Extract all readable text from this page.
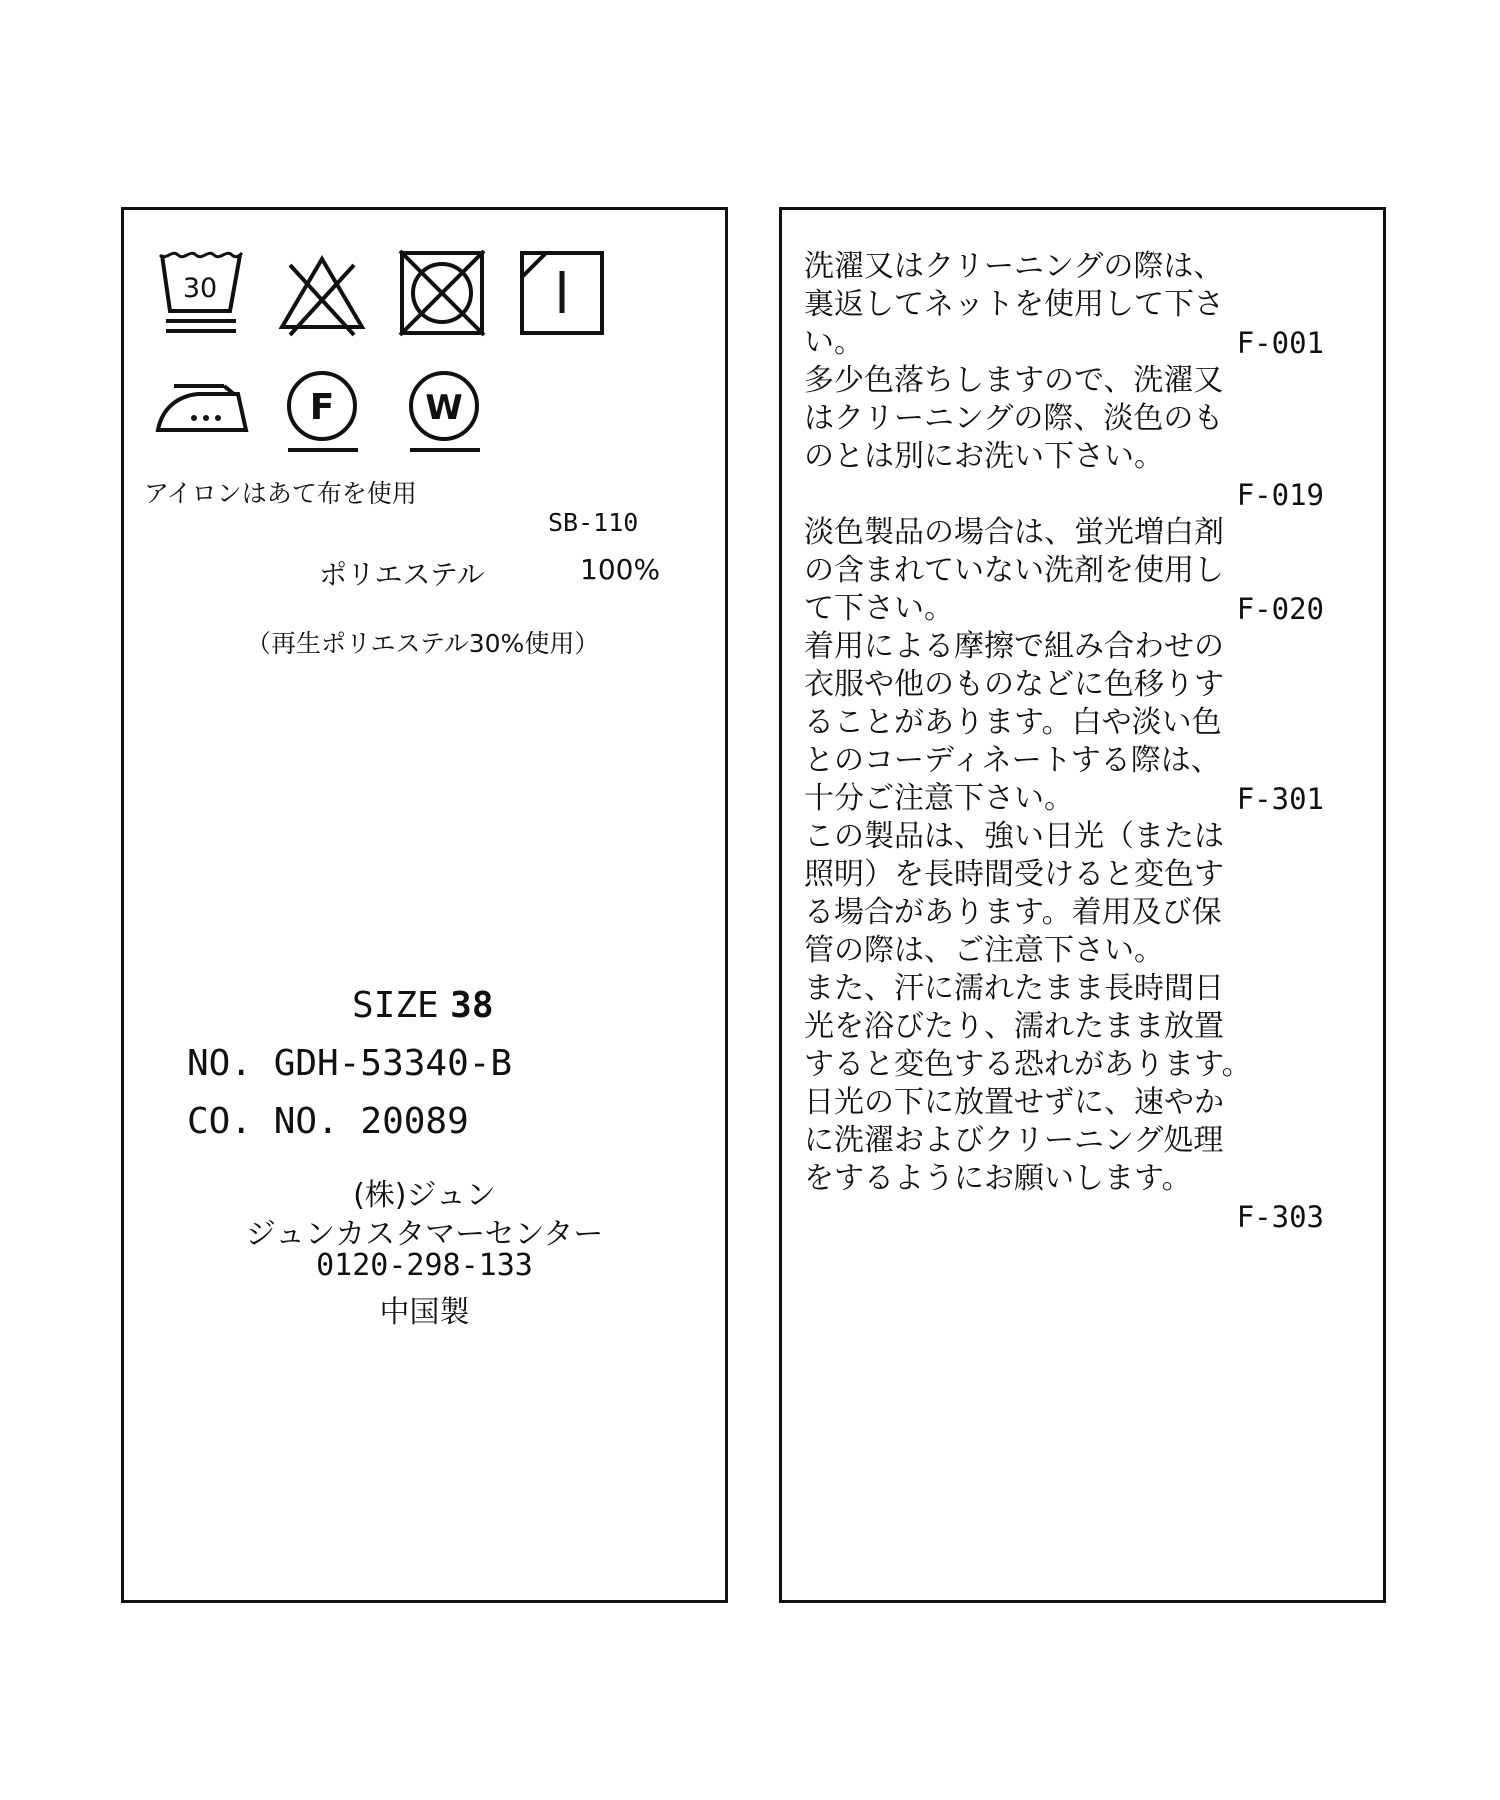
30
F	W
アイロンはあて布を使用
SB-110
ポリエステル	100%
（再生ポリエステル30%使用）
SIZE 38
NO. GDH-53340-B
CO. NO. 20089
(株)ジュン
ジュンカスタマーセンター
0120-298-133
中国製
洗濯又はクリーニングの際は、
裏返してネットを使用して下さ
い。	F-001
多少色落ちしますので、洗濯又
はクリーニングの際、淡色のも
のとは別にお洗い下さい。
F-019
淡色製品の場合は、蛍光増白剤
の含まれていない洗剤を使用し
て下さい。	F-020
着用による摩擦で組み合わせの
衣服や他のものなどに色移りす
ることがあります。白や淡い色
とのコーディネートする際は、
十分ご注意下さい。	F-301
この製品は、強い日光（または
照明）を長時間受けると変色す
る場合があります。着用及び保
管の際は、ご注意下さい。
また、汗に濡れたまま長時間日
光を浴びたり、濡れたまま放置
すると変色する恐れがあります。
日光の下に放置せずに、速やか
に洗濯およびクリーニング処理
をするようにお願いします。
F-303
